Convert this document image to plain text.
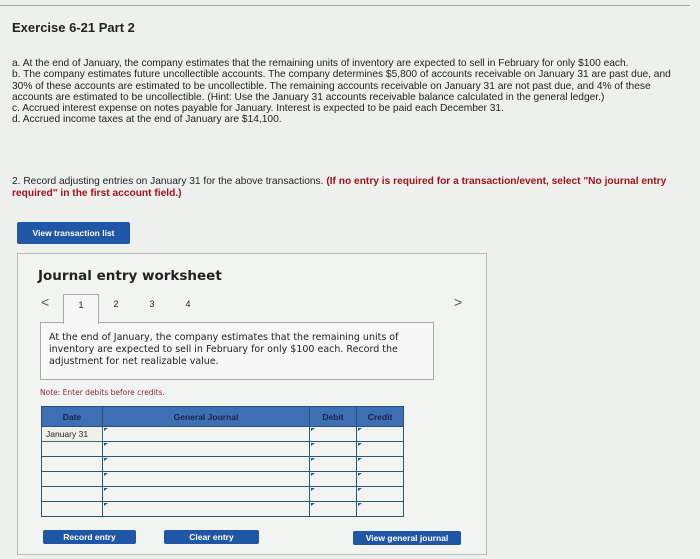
Exercise 6-21 Part 2

a. At the end of January, the company estimates that the remaining units of inventory are expected to sell in February for only $100 each.

b. The company estimates future uncollectible accounts. The company determines $5,800 of accounts receivable on January 31 are past due, and 30% of these accounts are estimated to be uncollectible. The remaining accounts receivable on January 31 are not past due, and 4% of these accounts are estimated to be uncollectible. (Hint: Use the January 31 accounts receivable balance calculated in the general ledger.)

c. Accrued interest expense on notes payable for January. Interest is expected to be paid each December 31.

d. Accrued income taxes at the end of January are $14,100.

2. Record adjusting entries on January 31 for the above transactions. (If no entry is required for a transaction/event, select "No journal entry required" in the first account field.)
View transaction list
Journal entry worksheet
<	>
1	2	3	4
At the end of January, the company estimates that the remaining units of inventory are expected to sell in February for only $100 each. Record the adjustment for net realizable value.
Note: Enter debits before credits.
Date	General Journal	Debit	Credit
January 31			

Record entry	Clear entry	View general journal
